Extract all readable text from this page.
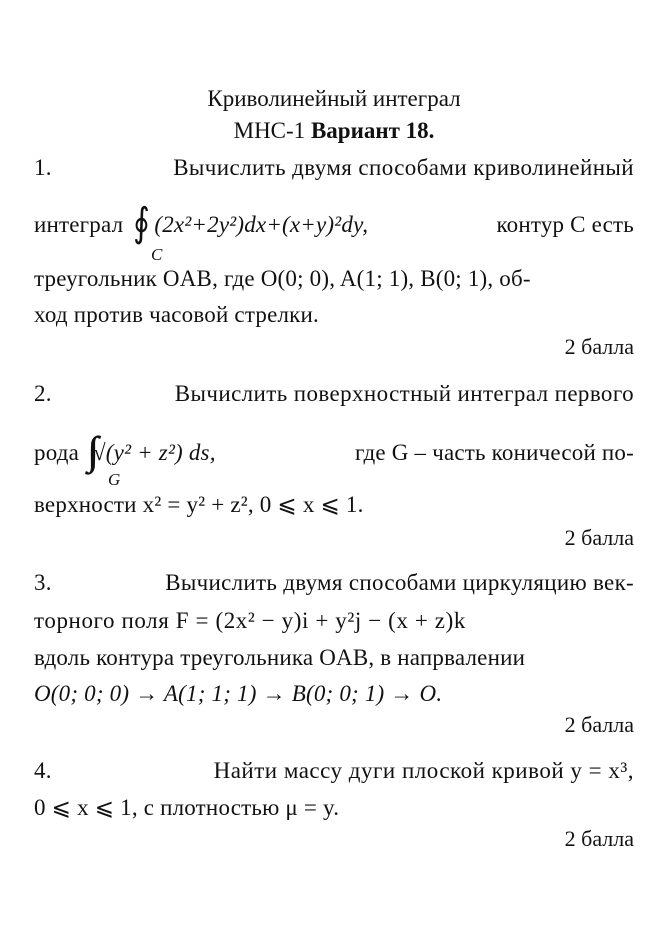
Криволинейный интеграл
МНС-1 Вариант 18.
1.	Вычислить двумя способами криволинейный
интеграл ∮ (2x²+2y²)dx+(x+y)²dy,	контур C есть
C
треугольник OAB, где O(0; 0), A(1; 1), B(0; 1), об-
ход против часовой стрелки.
2 балла
2.	Вычислить поверхностный интеграл первого
рода ∫∫ √(y² + z²) ds,	где G – часть коничесой по-
G
верхности x² = y² + z², 0 ⩽ x ⩽ 1.
2 балла
3.	Вычислить двумя способами циркуляцию век-
торного поля F = (2x² − y)i + y²j − (x + z)k
вдоль контура треугольника OAB, в напрвалении
O(0; 0; 0) → A(1; 1; 1) → B(0; 0; 1) → O.
2 балла
4.	Найти массу дуги плоской кривой y = x³,
0 ⩽ x ⩽ 1, с плотностью μ = y.
2 балла
